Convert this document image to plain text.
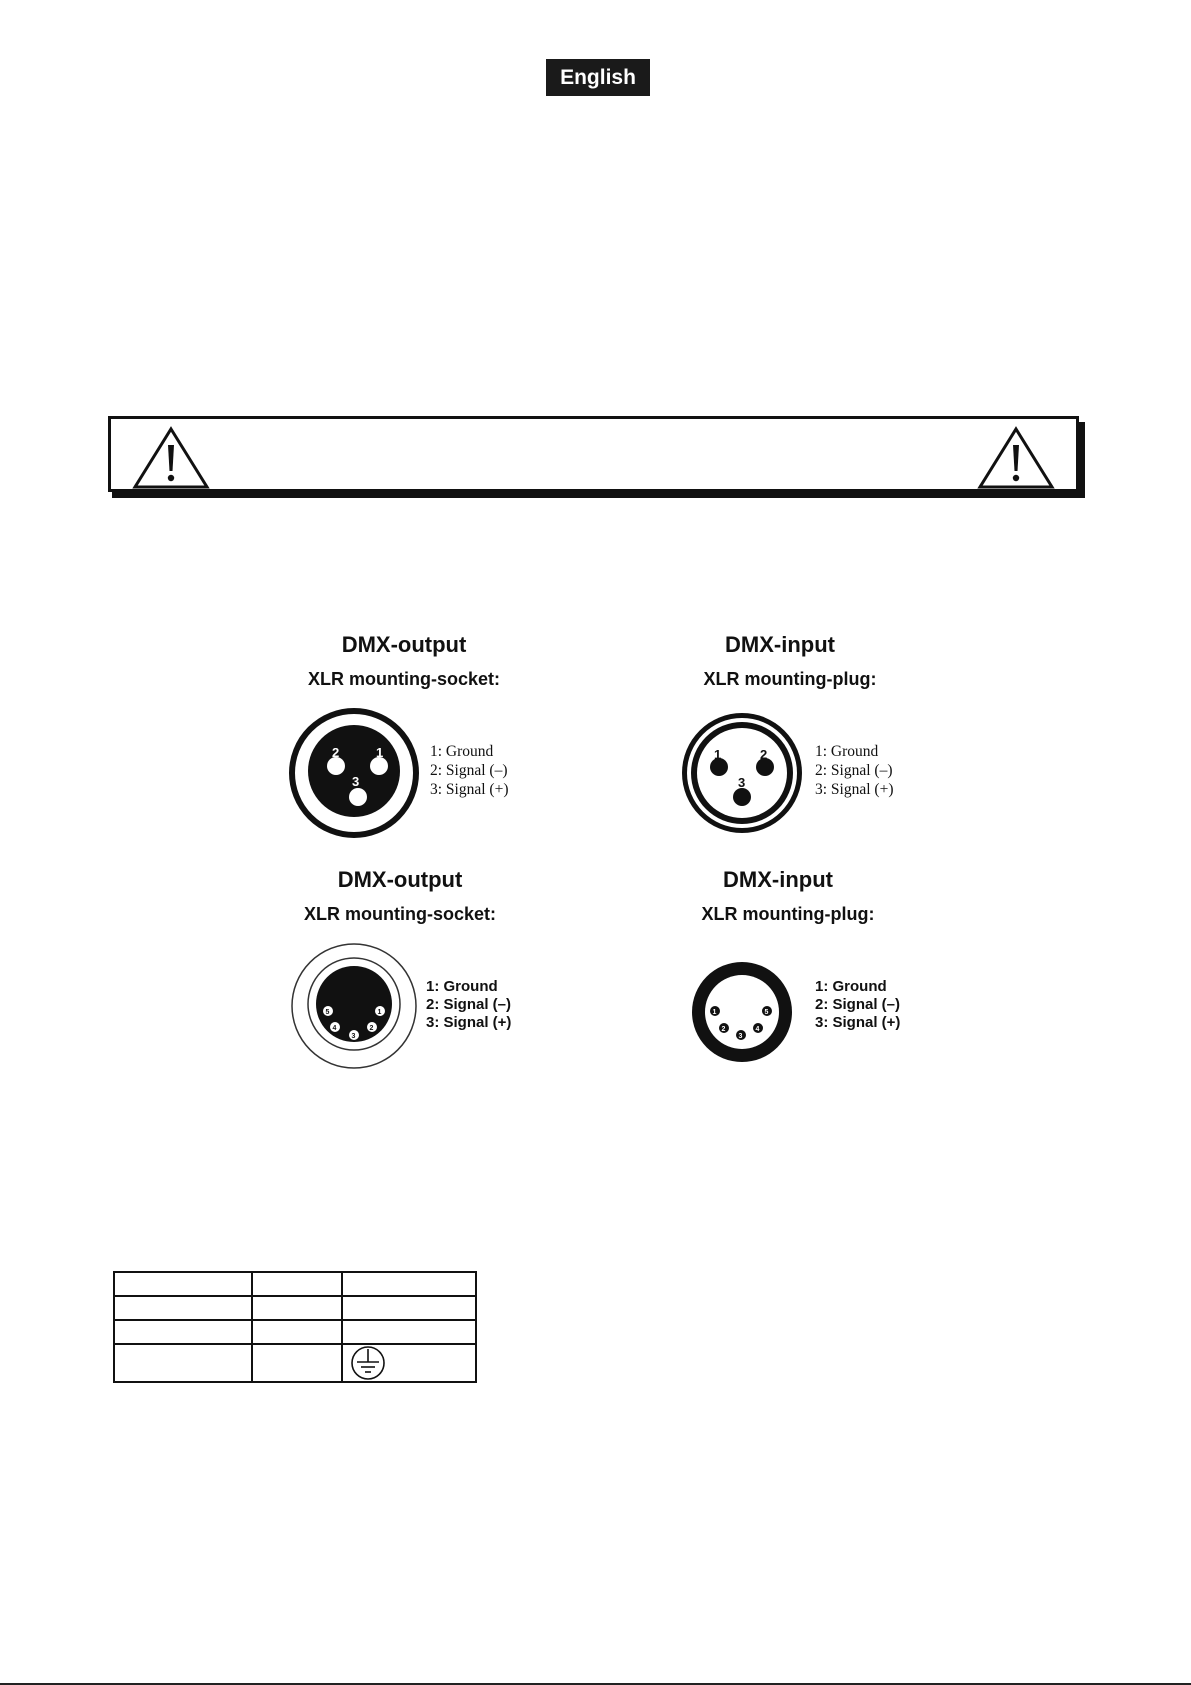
English
DMX-output
XLR mounting-socket:
2	1
3
1: Ground
2: Signal (–)
3: Signal (+)
DMX-input
XLR mounting-plug:
1	2
3
1: Ground
2: Signal (–)
3: Signal (+)
DMX-output
XLR mounting-socket:
5
4
3
2
1
1: Ground
2: Signal (–)
3: Signal (+)
DMX-input
XLR mounting-plug:
1
2
3
4
5
1: Ground
2: Signal (–)
3: Signal (+)
